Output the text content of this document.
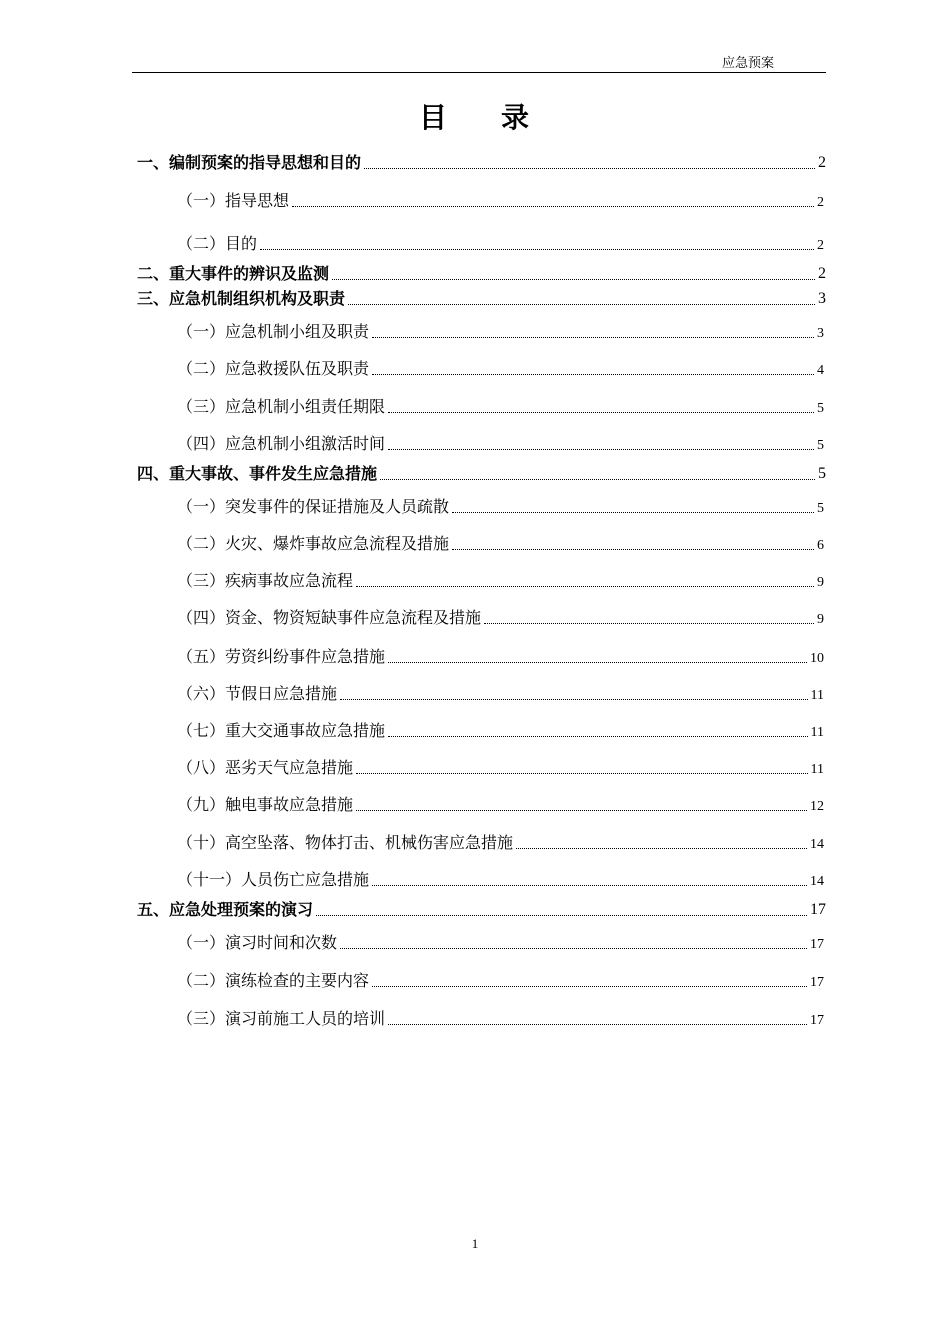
应急预案
目 录
一、编制预案的指导思想和目的	2
（一）指导思想	2
（二）目的	2
二、重大事件的辨识及监测	2
三、应急机制组织机构及职责	3
（一）应急机制小组及职责	3
（二）应急救援队伍及职责	4
（三）应急机制小组责任期限	5
（四）应急机制小组激活时间	5
四、重大事故、事件发生应急措施	5
（一）突发事件的保证措施及人员疏散	5
（二）火灾、爆炸事故应急流程及措施	6
（三）疾病事故应急流程	9
（四）资金、物资短缺事件应急流程及措施	9
（五）劳资纠纷事件应急措施	10
（六）节假日应急措施	11
（七）重大交通事故应急措施	11
（八）恶劣天气应急措施	11
（九）触电事故应急措施	12
（十）高空坠落、物体打击、机械伤害应急措施	14
（十一）人员伤亡应急措施	14
五、应急处理预案的演习	17
（一）演习时间和次数	17
（二）演练检查的主要内容	17
（三）演习前施工人员的培训	17
1
